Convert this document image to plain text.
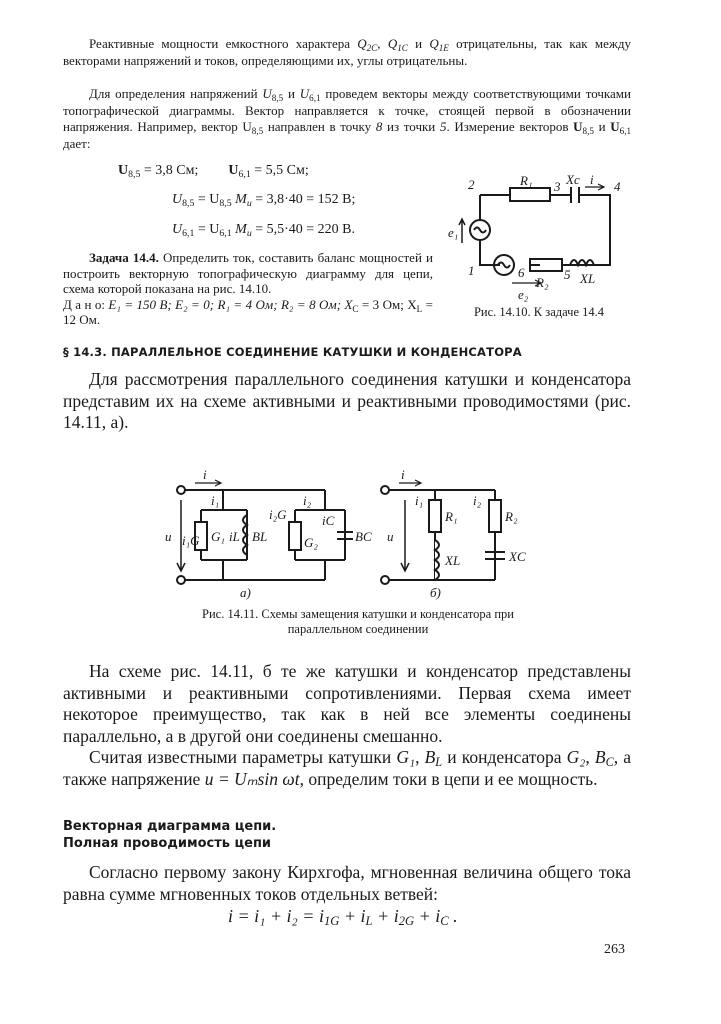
Реактивные мощности емкостного характера $Q_{2C}$, $Q_{1C}$ и $Q_{1E}$ отрицательны, так как между векторами напряжений и токов, определяющими их, углы отрицательны.
Для определения напряжений $U_{8,5}$ и $U_{6,1}$ проведем векторы между соответствующими точками топографической диаграммы. Вектор направляется к точке, стоящей первой в обозначении напряжения. Например, вектор $U_{8,5}$ направлен в точку 8 из точки 5. Измерение векторов $U_{8,5}$ и $U_{6,1}$ дает:
$U_{8,5} = 3,8$ См; $U_{6,1} = 5,5$ См;
$U_{8,5} = U_{8,5}$ $M_u = 3,8\cdot 40 = 152$ В;
$U_{6,1} = U_{6,1}$ $M_u = 5,5\cdot 40 = 220$ В.
Задача 14.4. Определить ток, составить баланс мощностей и построить векторную топографическую диаграмму для цепи, схема которой показана на рис. 14.10.
Д а н о: E₁ = 150 В; E₂ = 0; R₁ = 4 Ом; R₂ = 8 Ом; $X_C = 3$ Ом; $X_L = 12$ Ом.
2	R₁ 3 Xc i 4
e₁
1	6
R₂
5 XL
e₂
Рис. 14.10. К задаче 14.4
§ 14.3. ПАРАЛЛЕЛЬНОЕ СОЕДИНЕНИЕ КАТУШКИ И КОНДЕНСАТОРА
Для рассмотрения параллельного соединения катушки и конденсатора представим их на схеме активными и реактивными проводимостями (рис. 14.11, а).
i
i₁	i₂
u i₁G G₁ iL BL
i₂G
G₂
iC
BC
а)
i
i₁	i₂
u
R₁	R₂
XL	XC
б)
Рис. 14.11. Схемы замещения катушки и конденсатора при параллельном соединении
На схеме рис. 14.11, б те же катушки и конденсатор представлены активными и реактивными сопротивлениями. Первая схема имеет некоторое преимущество, так как в ней все элементы соединены параллельно, а в другой они соединены смешанно.
Считая известными параметры катушки G₁, $B_L$ и конденсатора G₂, $B_C$, а также напряжение u = Uₘsin ωt, определим токи в цепи и ее мощность.
Векторная диаграмма цепи.
Полная проводимость цепи
Согласно первому закону Кирхгофа, мгновенная величина общего тока равна сумме мгновенных токов отдельных ветвей:
$i = i_1 + i_2 = i_{1G} + i_L + i_{2G} + i_C$ .
263
